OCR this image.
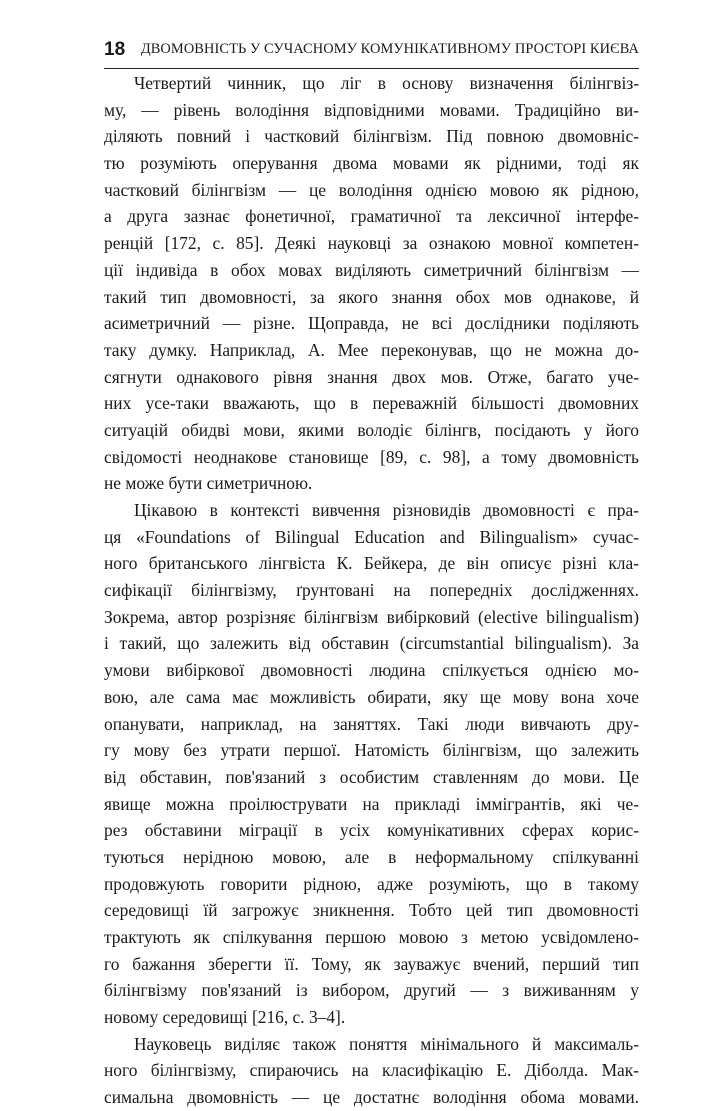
18 ДВОМОВНІСТЬ У СУЧАСНОМУ КОМУНІКАТИВНОМУ ПРОСТОРІ КИЄВА
Четвертий чинник, що ліг в основу визначення білінгвіз-
му, — рівень володіння відповідними мовами. Традиційно ви-
діляють повний і частковий білінгвізм. Під повною двомовніс-
тю розуміють оперування двома мовами як рідними, тоді як
частковий білінгвізм — це володіння однією мовою як рідною,
а друга зазнає фонетичної, граматичної та лексичної інтерфе-
ренцій [172, с. 85]. Деякі науковці за ознакою мовної компетен-
ції індивіда в обох мовах виділяють симетричний білінгвізм —
такий тип двомовності, за якого знання обох мов однакове, й
асиметричний — різне. Щоправда, не всі дослідники поділяють
таку думку. Наприклад, А. Мее переконував, що не можна до-
сягнути однакового рівня знання двох мов. Отже, багато уче-
них усе-таки вважають, що в переважній більшості двомовних
ситуацій обидві мови, якими володіє білінгв, посідають у його
свідомості неоднакове становище [89, с. 98], а тому двомовність
не може бути симетричною.
Цікавою в контексті вивчення різновидів двомовності є пра-
ця «Foundations of Bilingual Education and Bilingualism» сучас-
ного британського лінгвіста К. Бейкера, де він описує різні кла-
сифікації білінгвізму, ґрунтовані на попередніх дослідженнях.
Зокрема, автор розрізняє білінгвізм вибірковий (elective bilingualism)
і такий, що залежить від обставин (circumstantial bilingualism). За
умови вибіркової двомовності людина спілкується однією мо-
вою, але сама має можливість обирати, яку ще мову вона хоче
опанувати, наприклад, на заняттях. Такі люди вивчають дру-
гу мову без утрати першої. Натомість білінгвізм, що залежить
від обставин, пов'язаний з особистим ставленням до мови. Це
явище можна проілюструвати на прикладі іммігрантів, які че-
рез обставини міграції в усіх комунікативних сферах корис-
туються нерідною мовою, але в неформальному спілкуванні
продовжують говорити рідною, адже розуміють, що в такому
середовищі їй загрожує зникнення. Тобто цей тип двомовності
трактують як спілкування першою мовою з метою усвідомлено-
го бажання зберегти її. Тому, як зауважує вчений, перший тип
білінгвізму пов'язаний із вибором, другий — з виживанням у
новому середовищі [216, с. 3–4].
Науковець виділяє також поняття мінімального й максималь-
ного білінгвізму, спираючись на класифікацію Е. Діболда. Мак-
симальна двомовність — це достатнє володіння обома мовами.
